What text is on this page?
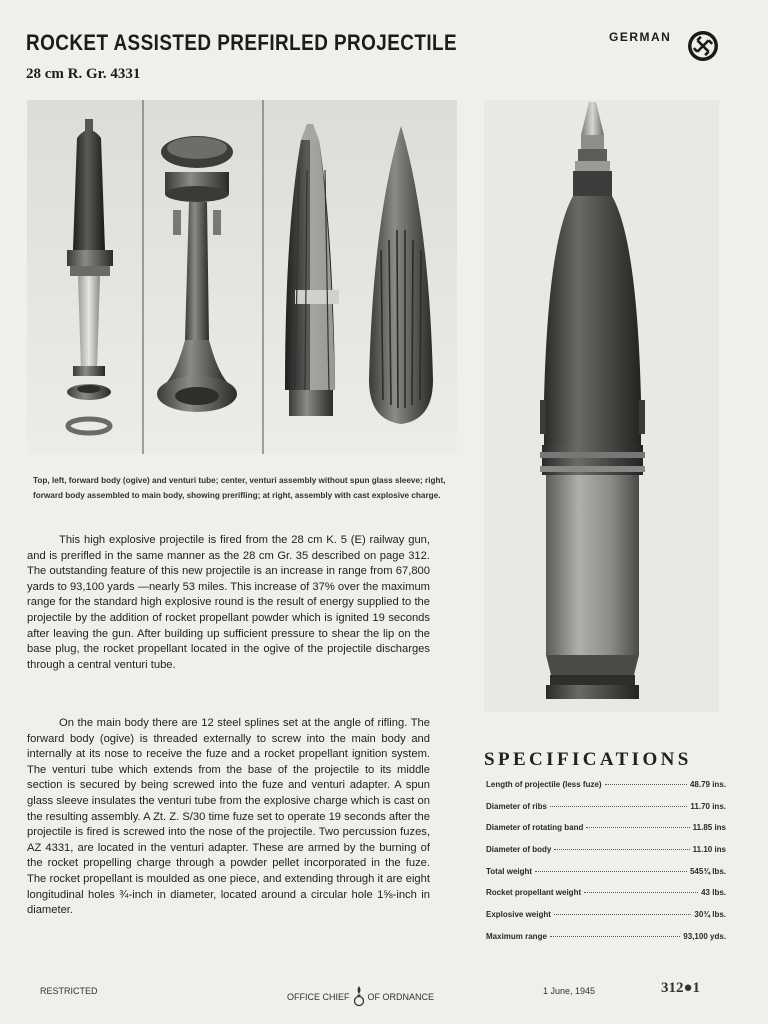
ROCKET ASSISTED PREFIRLED PROJECTILE
28 cm R. Gr. 4331
GERMAN
Top, left, forward body (ogive) and venturi tube; center, venturi assembly without spun glass sleeve; right, forward body assembled to main body, showing prerifling; at right, assembly with cast explosive charge.

This high explosive projectile is fired from the 28 cm K. 5 (E) railway gun, and is prerifled in the same manner as the 28 cm Gr. 35 described on page 312. The outstanding feature of this new projectile is an increase in range from 67,800 yards to 93,100 yards —nearly 53 miles. This increase of 37% over the maximum range for the standard high explosive round is the result of energy supplied to the projectile by the addition of rocket propellant powder which is ignited 19 seconds after leaving the gun. After building up sufficient pressure to shear the lip on the base plug, the rocket propellant located in the ogive of the projectile discharges through a central venturi tube.

On the main body there are 12 steel splines set at the angle of rifling. The forward body (ogive) is threaded externally to screw into the main body and internally at its nose to receive the fuze and a rocket propellant ignition system. The venturi tube which extends from the base of the projectile to its middle section is secured by being screwed into the fuze and venturi adapter. A spun glass sleeve insulates the venturi tube from the explosive charge which is cast on the resulting assembly. A Zt. Z. S/30 time fuze set to operate 19 seconds after the projectile is fired is screwed into the nose of the projectile. Two percussion fuzes, AZ 4331, are located in the venturi adapter. These are armed by the burning of the rocket propelling charge through a powder pellet incorporated in the fuze. The rocket propellant is moulded as one piece, and extending through it are eight longitudinal holes ¾-inch in diameter, located around a circular hole 1⅝-inch in diameter.

SPECIFICATIONS
Length of projectile (less fuze)	48.79 ins.
Diameter of ribs	11.70 ins.
Diameter of rotating band	11.85 ins
Diameter of body	11.10 ins
Total weight	545¾ lbs.
Rocket propellant weight	43 lbs.
Explosive weight	30¾ lbs.
Maximum range	93,100 yds.
RESTRICTED
OFFICE CHIEF OF ORDNANCE
1 June, 1945	312●1
